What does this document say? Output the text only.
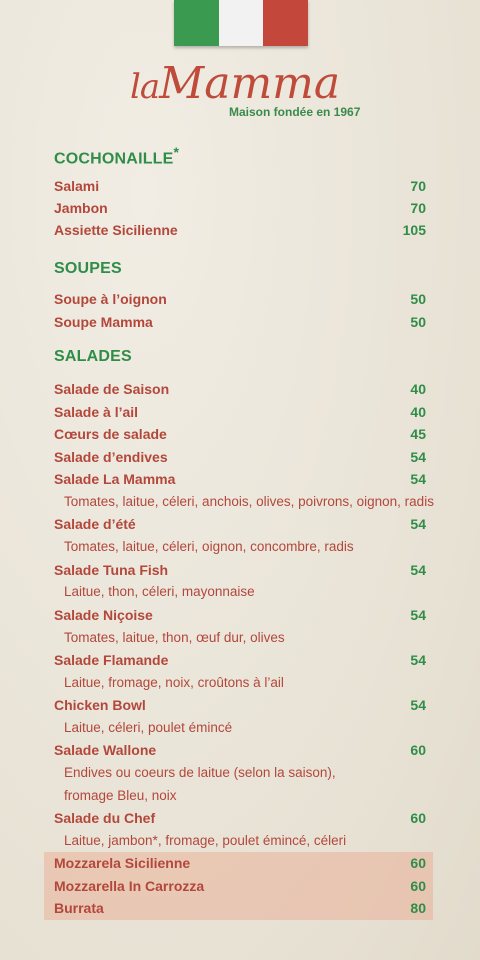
laMamma
Maison fondée en 1967
COCHONAILLE*
Salami	70
Jambon	70
Assiette Sicilienne	105
SOUPES
Soupe à l’oignon	50
Soupe Mamma	50
SALADES
Salade de Saison	40
Salade à l’ail	40
Cœurs de salade	45
Salade d’endives	54
Salade La Mamma	54
Tomates, laitue, céleri, anchois, olives, poivrons, oignon, radis
Salade d’été	54
Tomates, laitue, céleri, oignon, concombre, radis
Salade Tuna Fish	54
Laitue, thon, céleri, mayonnaise
Salade Niçoise	54
Tomates, laitue, thon, œuf dur, olives
Salade Flamande	54
Laitue, fromage, noix, croûtons à l’ail
Chicken Bowl	54
Laitue, céleri, poulet émincé
Salade Wallone	60
Endives ou coeurs de laitue (selon la saison),
fromage Bleu, noix
Salade du Chef	60
Laitue, jambon*, fromage, poulet émincé, céleri
Mozzarela Sicilienne	60
Mozzarella In Carrozza	60
Burrata	80
